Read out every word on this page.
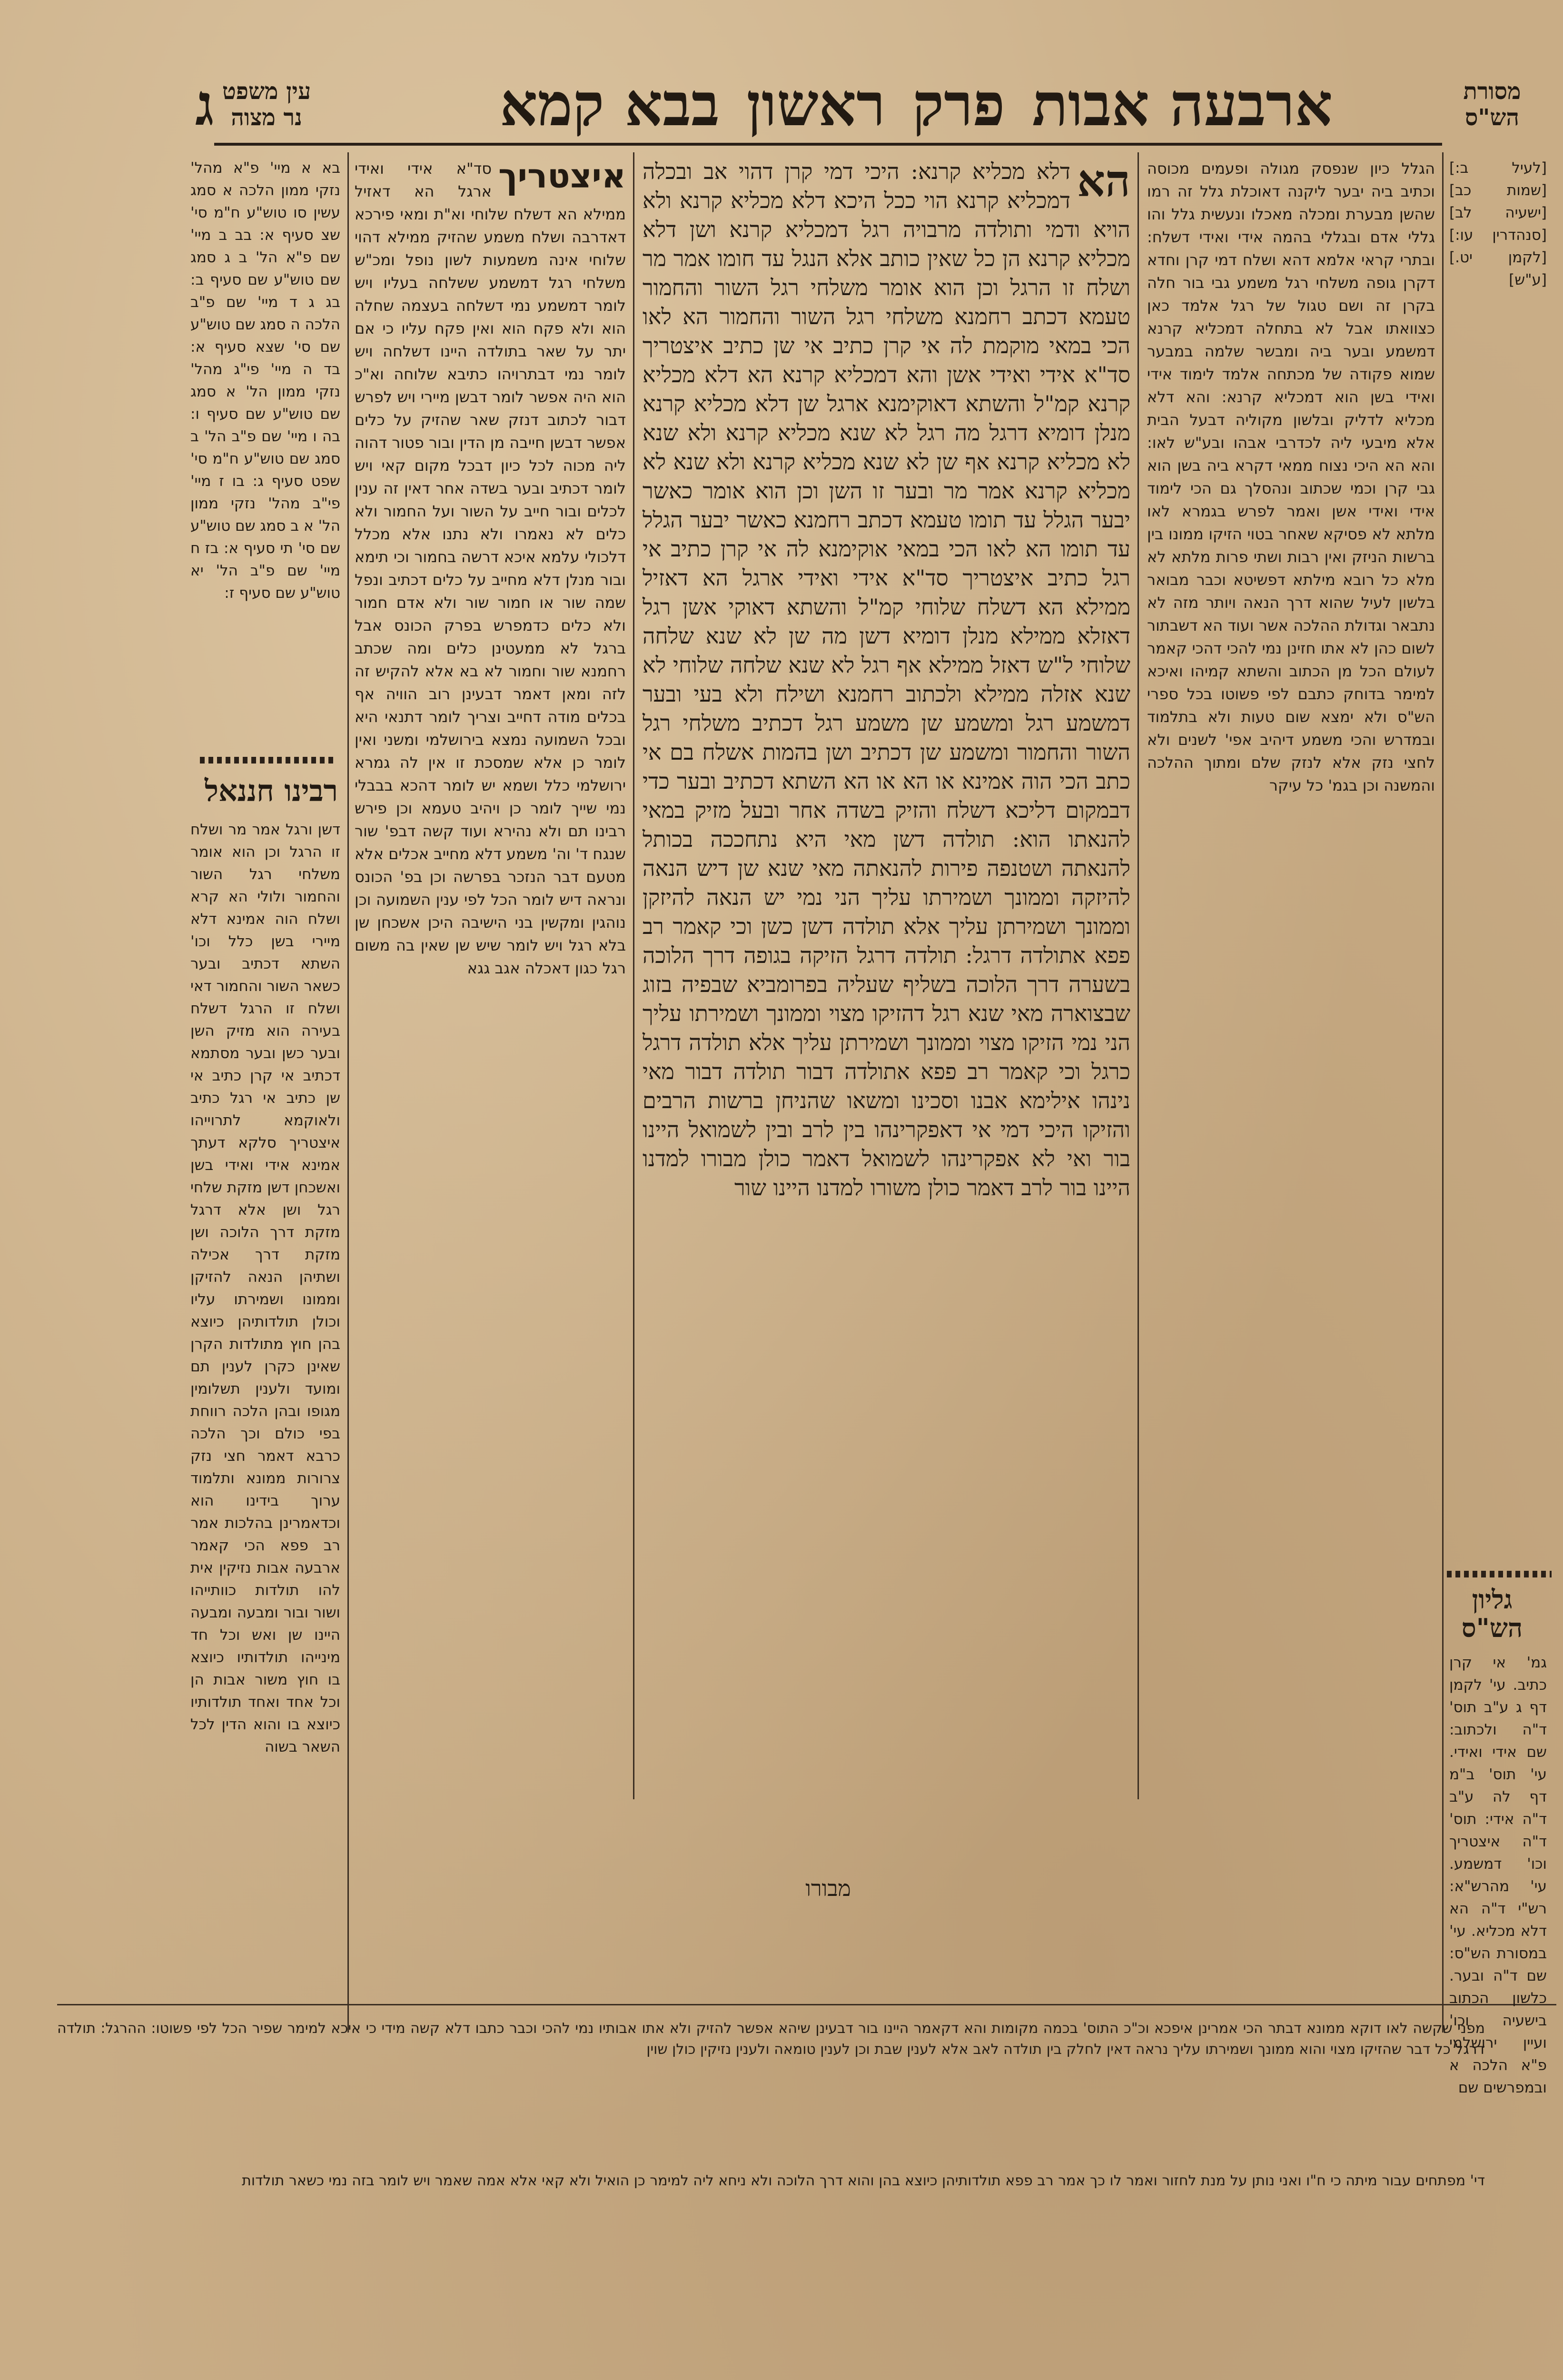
ג	ארבעה אבות
פרק
ראשון
בבא קמא
עין משפט
נר מצוה
מסורת
הש"ס

[לעיל ב:] [שמות כב] [ישעיה לב] [סנהדרין עו:] [לקמן יט.] [ע"ש]

גליון
הש"ס

גמ' אי קרן כתיב. עי' לקמן דף ג ע"ב תוס' ד"ה ולכתוב: שם אידי ואידי. עי' תוס' ב"מ דף לה ע"ב ד"ה אידי: תוס' ד"ה איצטריך וכו' דמשמע. עי' מהרש"א: רש"י ד"ה הא דלא מכליא. עי' במסורת הש"ס: שם ד"ה ובער. כלשון הכתוב בישעיה וכו' ועיין ירושלמי פ"א הלכה א ובמפרשים שם

הגלל כיון שנפסק מגולה ופעמים מכוסה וכתיב ביה יבער ליקנה דאוכלת גלל זה רמו שהשן מבערת ומכלה מאכלו ונעשית גלל והו גללי אדם ובגללי בהמה אידי ואידי דשלח: ובתרי קראי אלמא דהא ושלח דמי קרן וחדא דקרן גופה משלחי רגל משמע גבי בור חלה בקרן זה ושם טגול של רגל אלמד כאן כצוואתו אבל לא בתחלה דמכליא קרנא דמשמע ובער ביה ומבשר שלמה במבער שמוא פקודה של מכתחה אלמד לימוד אידי ואידי בשן הוא דמכליא קרנא: והא דלא מכליא לדליק ובלשון מקוליה דבעל הבית אלא מיבעי ליה לכדרבי אבהו ובע"ש לאו: והא הא היכי נצוח ממאי דקרא ביה בשן הוא גבי קרן וכמי שכתוב ונהסלך גם הכי לימוד אידי ואידי אשן ואמר לפרש בגמרא לאו מלתא לא פסיקא שאחר בטוי הזיקו ממונו בין ברשות הניזק ואין רבות ושתי פרות מלתא לא מלא כל רובא מילתא דפשיטא וכבר מבואר בלשון לעיל שהוא דרך הנאה ויותר מזה לא נתבאר וגדולת ההלכה אשר ועוד הא דשבתור לשום כהן לא אתו חזינן נמי להכי דהכי קאמר לעולם הכל מן הכתוב והשתא קמיהו ואיכא למימר בדוחק כתבם לפי פשוטו בכל ספרי הש"ס ולא ימצא שום טעות ולא בתלמוד ובמדרש והכי משמע דיהיב אפי' לשנים ולא לחצי נזק אלא לנזק שלם ומתוך ההלכה והמשנה וכן בגמ' כל עיקר

הא
דלא מכליא קרנא: היכי דמי קרן דהוי אב ובכלה דמכליא קרנא הוי ככל היכא דלא מכליא קרנא ולא הויא ודמי ותולדה מרבויה רגל דמכליא קרנא ושן דלא מכליא קרנא הן כל שאין כותב אלא הנגל עד חומו אמר מר ושלח זו הרגל וכן הוא אומר משלחי רגל השור והחמור טעמא דכתב רחמנא משלחי רגל השור והחמור הא לאו הכי במאי מוקמת לה אי קרן כתיב אי שן כתיב איצטריך סד"א אידי ואידי אשן והא דמכליא קרנא הא דלא מכליא קרנא קמ"ל והשתא דאוקימנא ארגל שן דלא מכליא קרנא מנלן דומיא דרגל מה רגל לא שנא מכליא קרנא ולא שנא לא מכליא קרנא אף שן לא שנא מכליא קרנא ולא שנא לא מכליא קרנא אמר מר ובער זו השן וכן הוא אומר כאשר יבער הגלל עד תומו טעמא דכתב רחמנא כאשר יבער הגלל עד תומו הא לאו הכי במאי אוקימנא לה אי קרן כתיב אי רגל כתיב איצטריך סד"א אידי ואידי ארגל הא דאזיל ממילא הא דשלח שלוחי קמ"ל והשתא דאוקי אשן רגל דאזלא ממילא מנלן דומיא דשן מה שן לא שנא שלחה שלוחי ל"ש דאזל ממילא אף רגל לא שנא שלחה שלוחי לא שנא אזלה ממילא ולכתוב רחמנא ושילח ולא בעי ובער דמשמע רגל ומשמע שן משמע רגל דכתיב משלחי רגל השור והחמור ומשמע שן דכתיב ושן בהמות אשלח בם אי כתב הכי הוה אמינא או הא או הא השתא דכתיב ובער כדי דבמקום דליכא דשלח והזיק בשדה אחר ובעל מזיק במאי להנאתו הוא: תולדה דשן מאי היא נתחככה בכותל להנאתה ושטנפה פירות להנאתה מאי שנא שן דיש הנאה להיזקה וממונך ושמירתו עליך הני נמי יש הנאה להיזקן וממונך ושמירתן עליך אלא תולדה דשן כשן וכי קאמר רב פפא אתולדה דרגל: תולדה דרגל הזיקה בגופה דרך הלוכה בשערה דרך הלוכה בשליף שעליה בפרומביא שבפיה בזוג שבצוארה מאי שנא רגל דהזיקו מצוי וממונך ושמירתו עליך הני נמי הזיקו מצוי וממונך ושמירתן עליך אלא תולדה דרגל כרגל וכי קאמר רב פפא אתולדה דבור תולדה דבור מאי נינהו אילימא אבנו וסכינו ומשאו שהניחן ברשות הרבים והזיקו היכי דמי אי דאפקרינהו בין לרב ובין לשמואל היינו בור ואי לא אפקרינהו לשמואל דאמר כולן מבורו למדנו היינו בור לרב דאמר כולן משורו למדנו היינו שור

איצטריך
סד"א אידי ואידי ארגל הא דאזיל ממילא הא דשלח שלוחי וא"ת ומאי פירכא דאדרבה ושלח משמע שהזיק ממילא דהוי שלוחי אינה משמעות לשון נופל ומכ"ש משלחי רגל דמשמע ששלחה בעליו ויש לומר דמשמע נמי דשלחה בעצמה שחלה הוא ולא פקח הוא ואין פקח עליו כי אם יתר על שאר בתולדה היינו דשלחה ויש לומר נמי דבתרויהו כתיבא שלוחה וא"כ הוא היה אפשר לומר דבשן מיירי ויש לפרש דבור לכתוב דנזק שאר שהזיק על כלים אפשר דבשן חייבה מן הדין ובור פטור דהוה ליה מכוה לכל כיון דבכל מקום קאי ויש לומר דכתיב ובער בשדה אחר דאין זה ענין לכלים ובור חייב על השור ועל החמור ולא כלים לא נאמרו ולא נתנו אלא מכלל דלכולי עלמא איכא דרשה בחמור וכי תימא ובור מנלן דלא מחייב על כלים דכתיב ונפל שמה שור או חמור שור ולא אדם חמור ולא כלים כדמפרש בפרק הכונס אבל ברגל לא ממעטינן כלים ומה שכתב רחמנא שור וחמור לא בא אלא להקיש זה לזה ומאן דאמר דבעינן רוב הוויה אף בכלים מודה דחייב וצריך לומר דתנאי היא ובכל השמועה נמצא בירושלמי ומשני ואין לומר כן אלא שמסכת זו אין לה גמרא ירושלמי כלל ושמא יש לומר דהכא בבבלי נמי שייך לומר כן ויהיב טעמא וכן פירש רבינו תם ולא נהירא ועוד קשה דבפ' שור שנגח ד' וה' משמע דלא מחייב אכלים אלא מטעם דבר הנזכר בפרשה וכן בפ' הכונס ונראה דיש לומר הכל לפי ענין השמועה וכן נוהגין ומקשין בני הישיבה היכן אשכחן שן בלא רגל ויש לומר שיש שן שאין בה משום רגל כגון דאכלה אגב גגא

בא א מיי' פ"א מהל' נזקי ממון הלכה א סמג עשין סו טוש"ע ח"מ סי' שצ סעיף א: בב ב מיי' שם פ"א הל' ב ג סמג שם טוש"ע שם סעיף ב: בג ג ד מיי' שם פ"ב הלכה ה סמג שם טוש"ע שם סי' שצא סעיף א: בד ה מיי' פי"ג מהל' נזקי ממון הל' א סמג שם טוש"ע שם סעיף ו: בה ו מיי' שם פ"ב הל' ב סמג שם טוש"ע ח"מ סי' שפט סעיף ג: בו ז מיי' פי"ב מהל' נזקי ממון הל' א ב סמג שם טוש"ע שם סי' תי סעיף א: בז ח מיי' שם פ"ב הל' יא טוש"ע שם סעיף ז:

רבינו חננאל

דשן ורגל אמר מר ושלח זו הרגל וכן הוא אומר משלחי רגל השור והחמור ולולי הא קרא ושלח הוה אמינא דלא מיירי בשן כלל וכו' השתא דכתיב ובער כשאר השור והחמור דאי ושלח זו הרגל דשלח בעירה הוא מזיק השן ובער כשן ובער מסתמא דכתיב אי קרן כתיב אי שן כתיב אי רגל כתיב ולאוקמא לתרוייהו איצטריך סלקא דעתך אמינא אידי ואידי בשן ואשכחן דשן מזקת שלחי רגל ושן אלא דרגל מזקת דרך הלוכה ושן מזקת דרך אכילה ושתיהן הנאה להזיקן וממונו ושמירתו עליו וכולן תולדותיהן כיוצא בהן חוץ מתולדות הקרן שאינן כקרן לענין תם ומועד ולענין תשלומין מגופו ובהן הלכה רווחת בפי כולם וכך הלכה כרבא דאמר חצי נזק צרורות ממונא ותלמוד ערוך בידינו הוא וכדאמרינן בהלכות אמר רב פפא הכי קאמר ארבעה אבות נזיקין אית להו תולדות כוותייהו ושור ובור ומבעה ומבעה היינו שן ואש וכל חד מינייהו תולדותיו כיוצא בו חוץ משור אבות הן וכל אחד ואחד תולדותיו כיוצא בו והוא הדין לכל השאר בשוה

מבורו
מפני שקשה לאו דוקא ממונא דבתר הכי אמרינן איפכא וכ"כ התוס' בכמה מקומות והא דקאמר היינו בור דבעינן שיהא אפשר להזיק ולא אתו אבותיו נמי להכי וכבר כתבו דלא קשה מידי כי איכא למימר שפיר הכל לפי פשוטו: ההרגל: תולדה דרגל כל דבר שהזיקו מצוי והוא ממונך ושמירתו עליך נראה דאין לחלק בין תולדה לאב אלא לענין שבת וכן לענין טומאה ולענין נזיקין כולן שוין
די' מפתחים עבור מיתה כי ח"ו ואני נותן על מנת לחזור ואמר לו כך אמר רב פפא תולדותיהן כיוצא בהן והוא דרך הלוכה ולא ניחא ליה למימר כן הואיל ולא קאי אלא אמה שאמר ויש לומר בזה נמי כשאר תולדות
